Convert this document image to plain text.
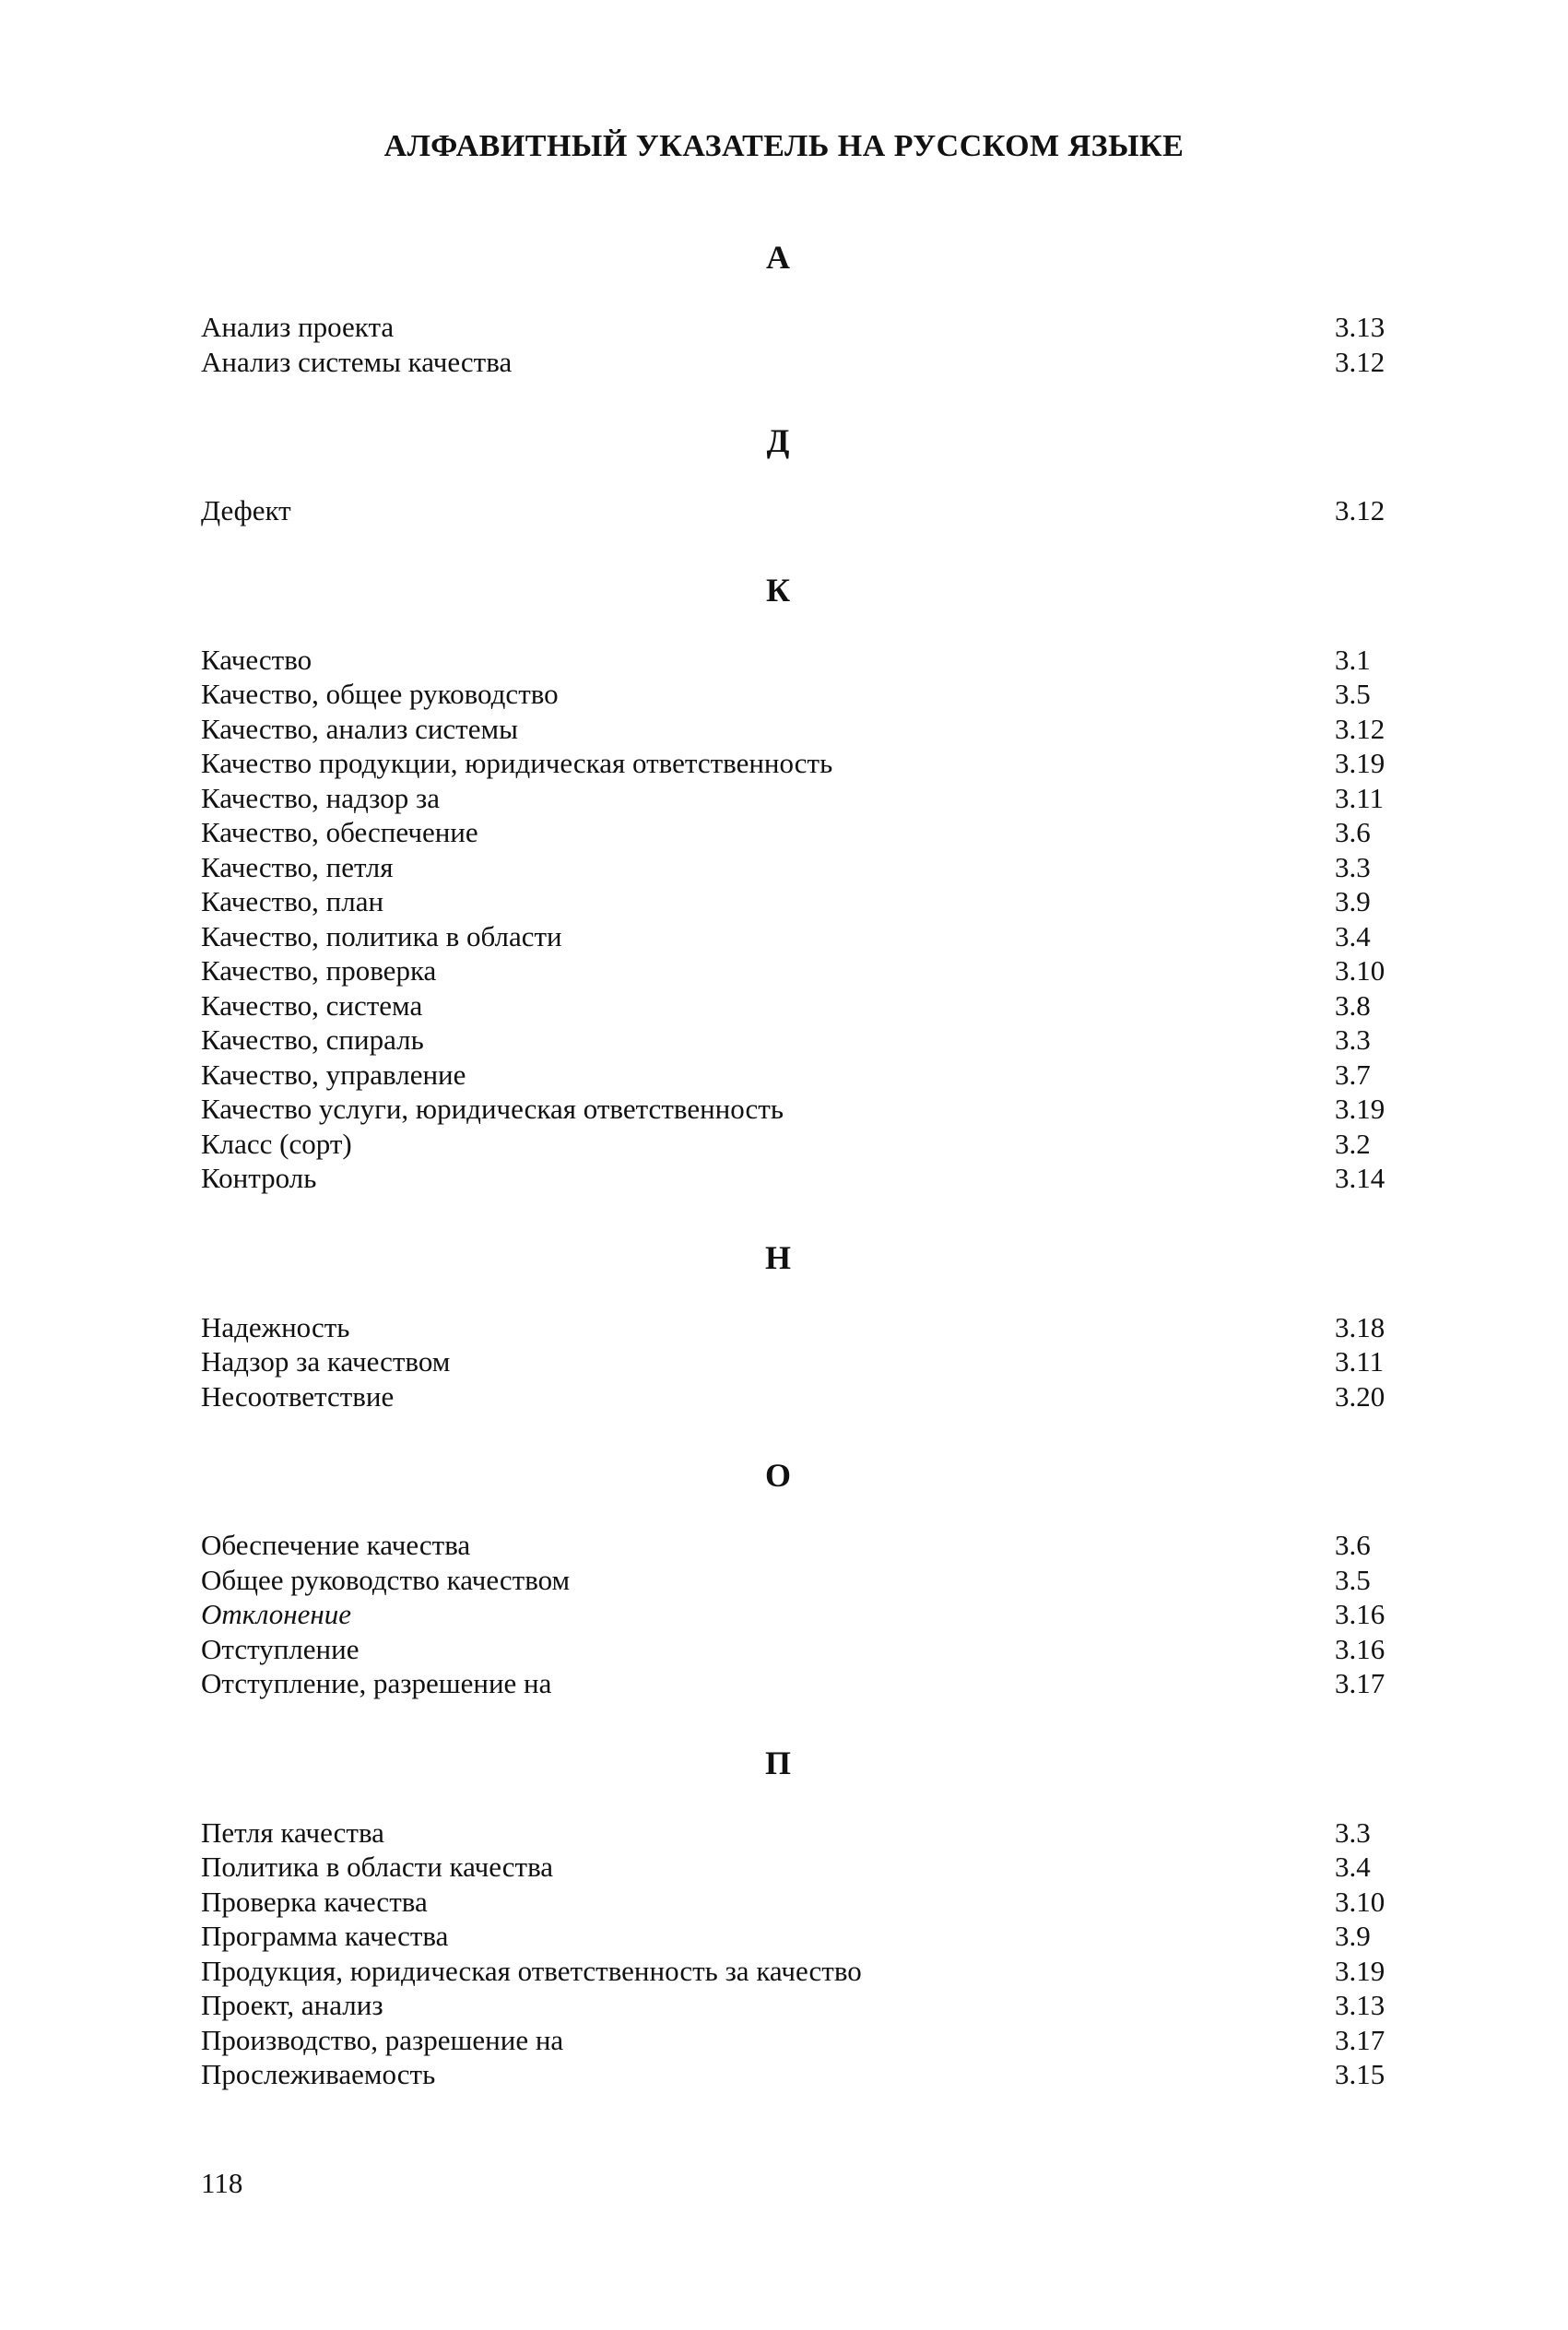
АЛФАВИТНЫЙ УКАЗАТЕЛЬ НА РУССКОМ ЯЗЫКЕ
А
Анализ проекта	3.13
Анализ системы качества	3.12
Д
Дефект	3.12
К
Качество	3.1
Качество, общее руководство	3.5
Качество, анализ системы	3.12
Качество продукции, юридическая ответственность	3.19
Качество, надзор за	3.11
Качество, обеспечение	3.6
Качество, петля	3.3
Качество, план	3.9
Качество, политика в области	3.4
Качество, проверка	3.10
Качество, система	3.8
Качество, спираль	3.3
Качество, управление	3.7
Качество услуги, юридическая ответственность	3.19
Класс (сорт)	3.2
Контроль	3.14
Н
Надежность	3.18
Надзор за качеством	3.11
Несоответствие	3.20
О
Обеспечение качества	3.6
Общее руководство качеством	3.5
Отклонение	3.16
Отступление	3.16
Отступление, разрешение на	3.17
П
Петля качества	3.3
Политика в области качества	3.4
Проверка качества	3.10
Программа качества	3.9
Продукция, юридическая ответственность за качество	3.19
Проект, анализ	3.13
Производство, разрешение на	3.17
Прослеживаемость	3.15

118
